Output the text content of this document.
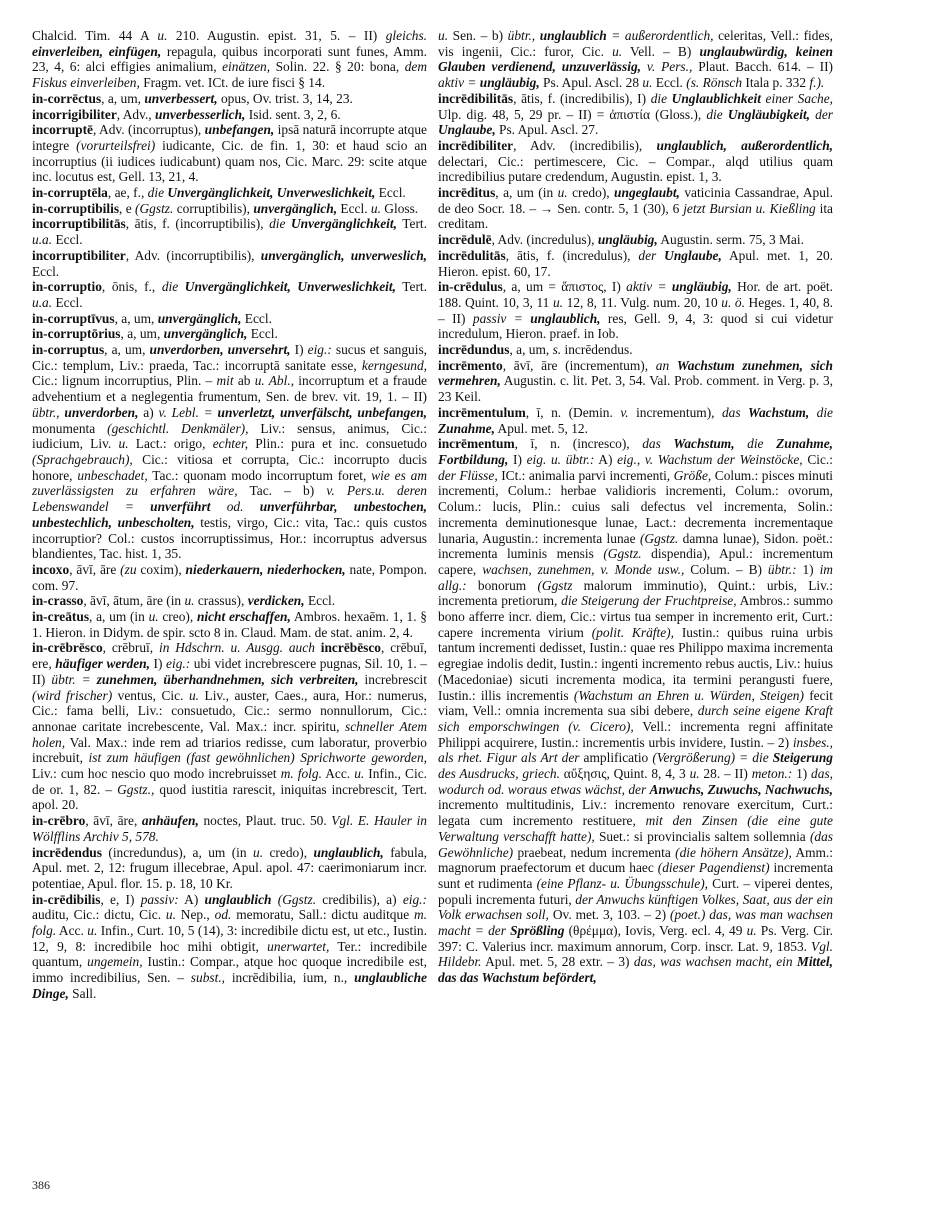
Chalcid. Tim. 44 A u. 210. Augustin. epist. 31, 5. – II) gleichs. einverleiben, einfügen, repagula, quibus incorporati sunt funes, Amm. 23, 4, 6: alci effigies animalium, einätzen, Solin. 22. § 20: bona, dem Fiskus einverleiben, Fragm. vet. ICt. de iure fisci § 14.

in-corrēctus, a, um, unverbessert, opus, Ov. trist. 3, 14, 23.

incorrigibiliter, Adv., unverbesserlich, Isid. sent. 3, 2, 6.

incorruptē, Adv. (incorruptus), unbefangen, ipsā naturā incorrupte atque integre (vorurteilsfrei) iudicante, Cic. de fin. 1, 30: et haud scio an incorruptius (ii iudices iudicabunt) quam nos, Cic. Marc. 29: scite atque inc. locutus est, Gell. 13, 21, 4.

in-corruptēla, ae, f., die Unvergänglichkeit, Unverweslichkeit, Eccl.

in-corruptibilis, e (Ggstz. corruptibilis), unvergänglich, Eccl. u. Gloss.

incorruptibilitās, ātis, f. (incorruptibilis), die Unvergänglichkeit, Tert. u.a. Eccl.

incorruptibiliter, Adv. (incorruptibilis), unvergänglich, unverweslich, Eccl.

in-corruptio, ōnis, f., die Unvergänglichkeit, Unverweslichkeit, Tert. u.a. Eccl.

in-corruptīvus, a, um, unvergänglich, Eccl.

in-corruptōrius, a, um, unvergänglich, Eccl.

in-corruptus, a, um, unverdorben, unversehrt, I) eig.: sucus et sanguis, Cic.: templum, Liv.: praeda, Tac.: incorruptā sanitate esse, kerngesund, Cic.: lignum incorruptius, Plin. – mit ab u. Abl., incorruptum et a fraude advehentium et a neglegentia frumentum, Sen. de brev. vit. 19, 1. – II) übtr., unverdorben, a) v. Lebl. = unverletzt, unverfälscht, unbefangen, monumenta (geschichtl. Denkmäler), Liv.: sensus, animus, Cic.: iudicium, Liv. u. Lact.: origo, echter, Plin.: pura et inc. consuetudo (Sprachgebrauch), Cic.: vitiosa et corrupta, Cic.: incorrupto ducis honore, unbeschadet, Tac.: quonam modo incorruptum foret, wie es am zuverlässigsten zu erfahren wäre, Tac. – b) v. Pers.u. deren Lebenswandel = unverführt od. unverführbar, unbestochen, unbestechlich, unbescholten, testis, virgo, Cic.: vita, Tac.: quis custos incorruptior? Col.: custos incorruptissimus, Hor.: incorruptus adversus blandientes, Tac. hist. 1, 35.

incoxo, āvī, āre (zu coxim), niederkauern, niederhocken, nate, Pompon. com. 97.

in-crasso, āvī, ātum, āre (in u. crassus), verdicken, Eccl.

in-creātus, a, um (in u. creo), nicht erschaffen, Ambros. hexaēm. 1, 1. § 1. Hieron. in Didym. de spir. scto 8 in. Claud. Mam. de stat. anim. 2, 4.

in-crēbrēsco, crēbruī, in Hdschrn. u. Ausgg. auch incrēbēsco, crēbuī, ere, häufiger werden, I) eig.: ubi videt increbrescere pugnas, Sil. 10, 1. – II) übtr. = zunehmen, überhandnehmen, sich verbreiten, increbrescit (wird frischer) ventus, Cic. u. Liv., auster, Caes., aura, Hor.: numerus, Cic.: fama belli, Liv.: consuetudo, Cic.: sermo nonnullorum, Cic.: annonae caritate increbescente, Val. Max.: incr. spiritu, schneller Atem holen, Val. Max.: inde rem ad triarios redisse, cum laboratur, proverbio increbuit, ist zum häufigen (fast gewöhnlichen) Sprichworte geworden, Liv.: cum hoc nescio quo modo increbruisset m. folg. Acc. u. Infin., Cic. de or. 1, 82. – Ggstz., quod iustitia rarescit, iniquitas increbrescit, Tert. apol. 20.

in-crēbro, āvī, āre, anhäufen, noctes, Plaut. truc. 50. Vgl. E. Hauler in Wölfflins Archiv 5, 578.

incrēdendus (incredundus), a, um (in u. credo), unglaublich, fabula, Apul. met. 2, 12: frugum illecebrae, Apul. apol. 47: caerimoniarum incr. potentiae, Apul. flor. 15. p. 18, 10 Kr.

in-crēdibilis, e, I) passiv: A) unglaublich (Ggstz. credibilis), a) eig.: auditu, Cic.: dictu, Cic. u. Nep., od. memoratu, Sall.: dictu auditque m. folg. Acc. u. Infin., Curt. 10, 5 (14), 3: incredibile dictu est, ut etc., Iustin. 12, 9, 8: incredibile hoc mihi obtigit, unerwartet, Ter.: incredibile quantum, ungemein, Iustin.: Compar., atque hoc quoque incredibile est, immo incredibilius, Sen. – subst., incrēdibilia, ium, n., unglaubliche Dinge, Sall.

u. Sen. – b) übtr., unglaublich = außerordentlich, celeritas, Vell.: fides, vis ingenii, Cic.: furor, Cic. u. Vell. – B) unglaubwürdig, keinen Glauben verdienend, unzuverlässig, v. Pers., Plaut. Bacch. 614. – II) aktiv = ungläubig, Ps. Apul. Ascl. 28 u. Eccl. (s. Rönsch Itala p. 332 f.).

incrēdibilitās, ātis, f. (incredibilis), I) die Unglaublichkeit einer Sache, Ulp. dig. 48, 5, 29 pr. – II) = ἀπιστία (Gloss.), die Ungläubigkeit, der Unglaube, Ps. Apul. Ascl. 27.

incrēdibiliter, Adv. (incredibilis), unglaublich, außerordentlich, delectari, Cic.: pertimescere, Cic. – Compar., alqd utilius quam incredibilius putare credendum, Augustin. epist. 1, 3.

incrēditus, a, um (in u. credo), ungeglaubt, vaticinia Cassandrae, Apul. de deo Socr. 18. – → Sen. contr. 5, 1 (30), 6 jetzt Bursian u. Kießling ita creditam.

incrēdulē, Adv. (incredulus), ungläubig, Augustin. serm. 75, 3 Mai.

incrēdulitās, ātis, f. (incredulus), der Unglaube, Apul. met. 1, 20. Hieron. epist. 60, 17.

in-crēdulus, a, um = ἄπιστος, I) aktiv = ungläubig, Hor. de art. poët. 188. Quint. 10, 3, 11 u. 12, 8, 11. Vulg. num. 20, 10 u. ö. Heges. 1, 40, 8. – II) passiv = unglaublich, res, Gell. 9, 4, 3: quod si cui videtur incredulum, Hieron. praef. in Iob.

incrēdundus, a, um, s. incrēdendus.

incrēmento, āvī, āre (incrementum), an Wachstum zunehmen, sich vermehren, Augustin. c. lit. Pet. 3, 54. Val. Prob. comment. in Verg. p. 3, 23 Keil.

incrēmentulum, ī, n. (Demin. v. incrementum), das Wachstum, die Zunahme, Apul. met. 5, 12.

incrēmentum, ī, n. (incresco), das Wachstum, die Zunahme, Fortbildung, I) eig. u. übtr.: A) eig., v. Wachstum der Weinstöcke, Cic.: der Flüsse, ICt.: animalia parvi incrementi, Größe, Colum.: pisces minuti incrementi, Colum.: herbae validioris incrementi, Colum.: ovorum, Colum.: lucis, Plin.: cuius sali defectus vel incrementa, Solin.: incrementa deminutionesque lunae, Lact.: decrementa incrementaque lunaria, Augustin.: incrementa lunae (Ggstz. damna lunae), Sidon. poët.: incrementa luminis mensis (Ggstz. dispendia), Apul.: incrementum capere, wachsen, zunehmen, v. Monde usw., Colum. – B) übtr.: 1) im allg.: bonorum (Ggstz malorum imminutio), Quint.: urbis, Liv.: incrementa pretiorum, die Steigerung der Fruchtpreise, Ambros.: summo bono afferre incr. diem, Cic.: virtus tua semper in incremento erit, Curt.: capere incrementa virium (polit. Kräfte), Iustin.: quibus ruina urbis tantum incrementi dedisset, Iustin.: quae res Philippo maxima incrementa egregiae indolis dedit, Iustin.: ingenti incremento rebus auctis, Liv.: huius (Macedoniae) sicuti incrementa modica, ita termini perangusti fuere, Iustin.: illis incrementis (Wachstum an Ehren u. Würden, Steigen) fecit viam, Vell.: omnia incrementa sua sibi debere, durch seine eigene Kraft sich emporschwingen (v. Cicero), Vell.: incrementa regni affinitate Philippi acquirere, Iustin.: incrementis urbis invidere, Iustin. – 2) insbes., als rhet. Figur als Art der amplificatio (Vergrößerung) = die Steigerung des Ausdrucks, griech. αὔξησις, Quint. 8, 4, 3 u. 28. – II) meton.: 1) das, wodurch od. woraus etwas wächst, der Anwuchs, Zuwuchs, Nachwuchs, incremento multitudinis, Liv.: incremento renovare exercitum, Curt.: legata cum incremento restituere, mit den Zinsen (die eine gute Verwaltung verschafft hatte), Suet.: si provincialis saltem sollemnia (das Gewöhnliche) praebeat, nedum incrementa (die höhern Ansätze), Amm.: magnorum praefectorum et ducum haec (dieser Pagendienst) incrementa sunt et rudimenta (eine Pflanz- u. Übungsschule), Curt. – viperei dentes, populi incrementa futuri, der Anwuchs künftigen Volkes, Saat, aus der ein Volk erwachsen soll, Ov. met. 3, 103. – 2) (poet.) das, was man wachsen macht = der Sprößling (θρέμμα), Iovis, Verg. ecl. 4, 49 u. Ps. Verg. Cir. 397: C. Valerius incr. maximum annorum, Corp. inscr. Lat. 9, 1853. Vgl. Hildebr. Apul. met. 5, 28 extr. – 3) das, was wachsen macht, ein Mittel, das das Wachstum befördert,

386
